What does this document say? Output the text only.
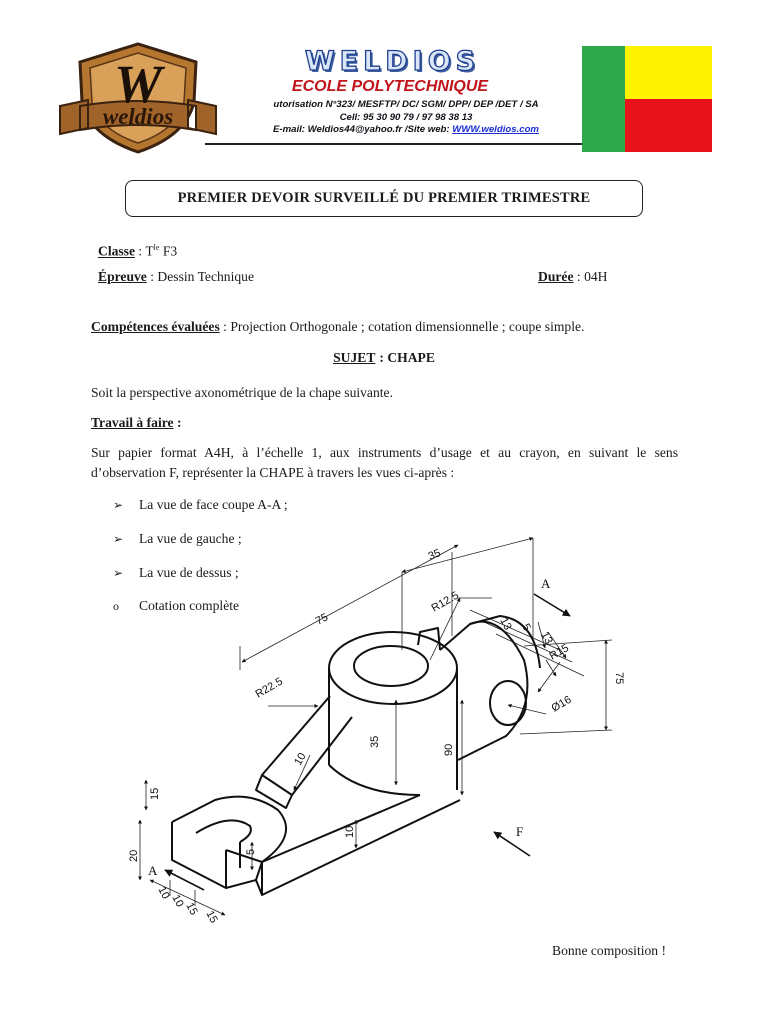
W
weldios
WELDIOS
ECOLE POLYTECHNIQUE
utorisation N°323/ MESFTP/ DC/ SGM/ DPP/ DEP /DET / SA
Cell: 95 30 90 79 / 97 98 38 13
E-mail: Weldios44@yahoo.fr /Site web: WWW.weldios.com
PREMIER DEVOIR SURVEILLÉ DU PREMIER TRIMESTRE
Classe : $T^{le}$ F3
Épreuve : Dessin Technique	Durée : 04H
Compétences évaluées : Projection Orthogonale ; cotation dimensionnelle ; coupe simple.
SUJET : CHAPE
Soit la perspective axonométrique de la chape suivante.
Travail à faire :
Sur papier format A4H, à l’échelle 1, aux instruments d’usage et au crayon, en suivant le sens
d’observation F, représenter la CHAPE à travers les vues ci-après :
➢ La vue de face coupe A-A ;
➢ La vue de gauche ;
➢ La vue de dessus ;
o Cotation complète
35
75
R12.5
13 5
13
R15
75
R22.5
35
90
Ø16
10
15
10
5
20
10
10
15 15
A
A
F
Bonne composition !
